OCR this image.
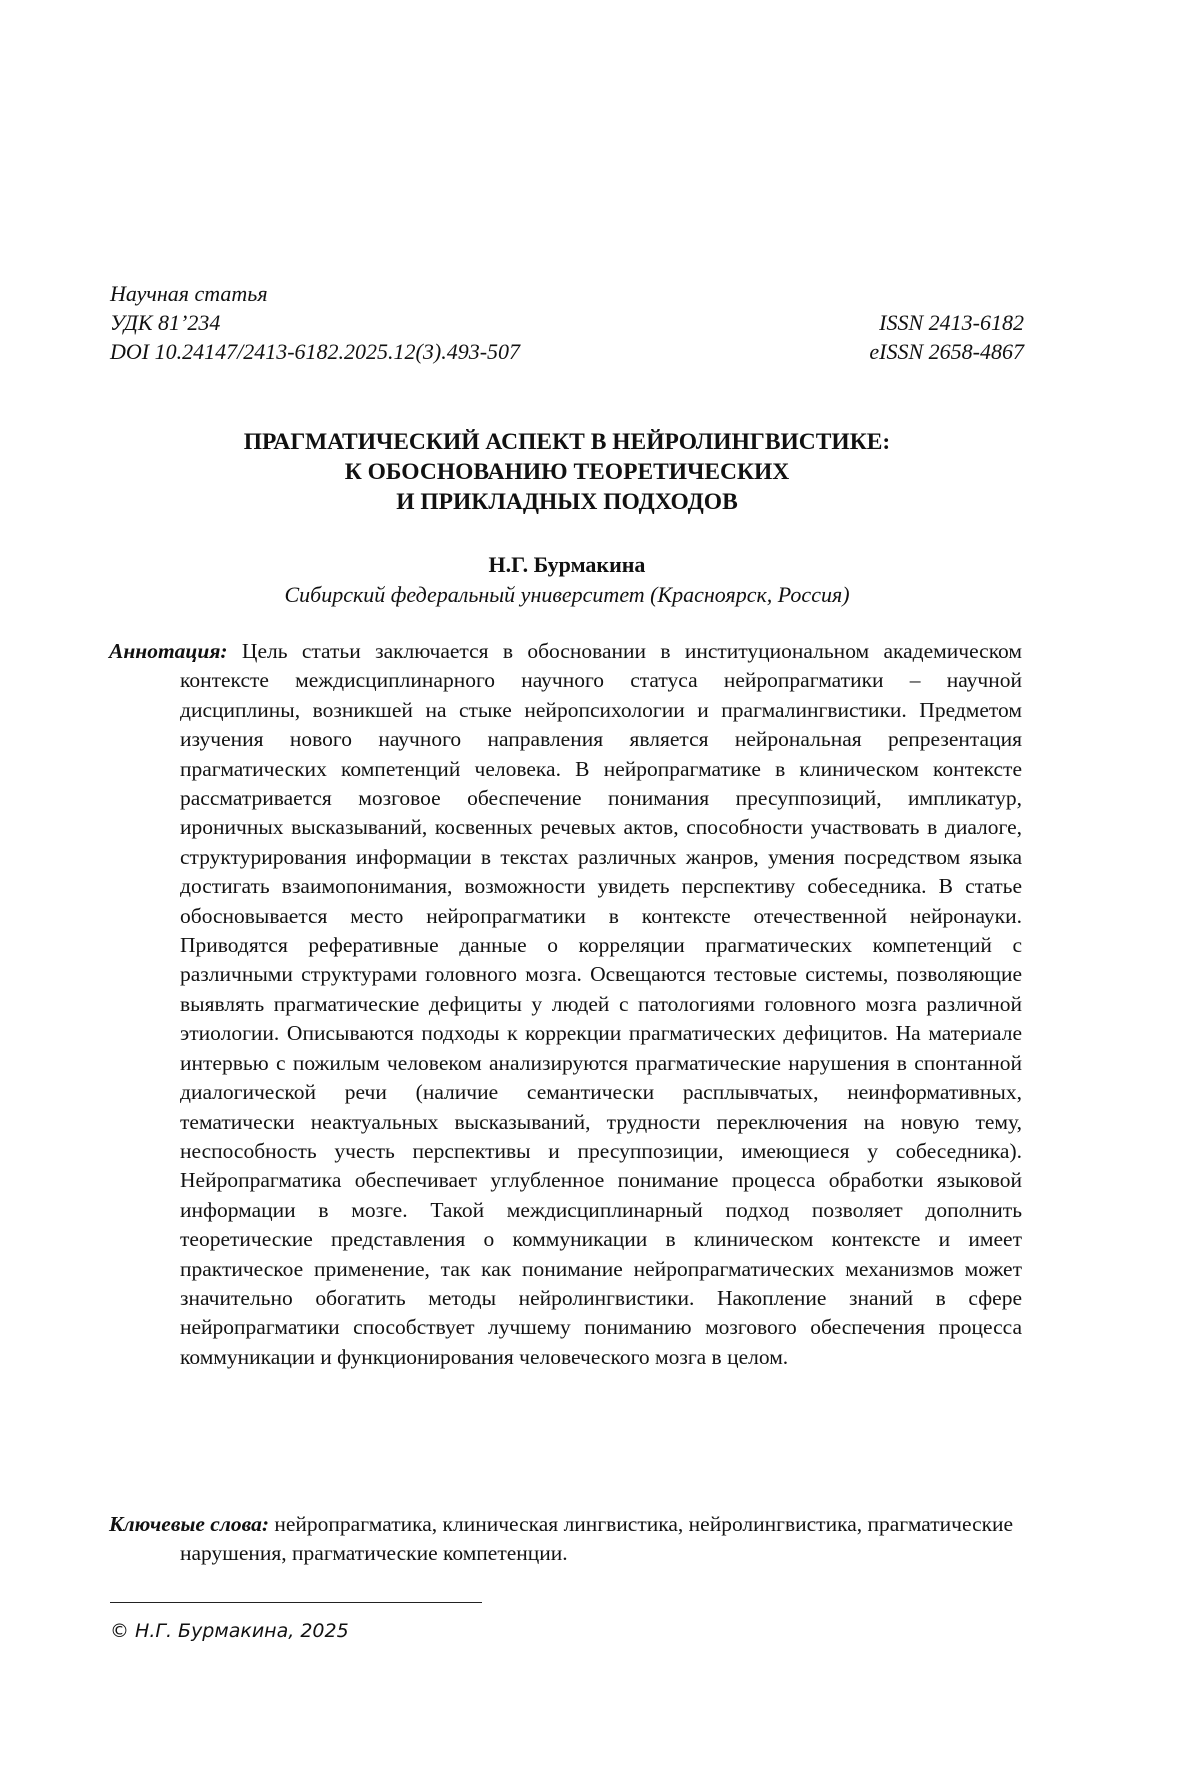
Научная статья
УДК 81’234	ISSN 2413-6182
DOI 10.24147/2413-6182.2025.12(3).493-507	eISSN 2658-4867
ПРАГМАТИЧЕСКИЙ АСПЕКТ В НЕЙРОЛИНГВИСТИКЕ:
К ОБОСНОВАНИЮ ТЕОРЕТИЧЕСКИХ
И ПРИКЛАДНЫХ ПОДХОДОВ
Н.Г. Бурмакина
Сибирский федеральный университет (Красноярск, Россия)
Аннотация: Цель статьи заключается в обосновании в институциональном академическом контексте междисциплинарного научного статуса нейропрагматики – научной дисциплины, возникшей на стыке нейропсихологии и прагмалингвистики. Предметом изучения нового научного направления является нейрональная репрезентация прагматических компетенций человека. В нейропрагматике в клиническом контексте рассматривается мозговое обеспечение понимания пресуппозиций, импликатур, ироничных высказываний, косвенных речевых актов, способности участвовать в диалоге, структурирования информации в текстах различных жанров, умения посредством языка достигать взаимопонимания, возможности увидеть перспективу собеседника. В статье обосновывается место нейропрагматики в контексте отечественной нейронауки. Приводятся реферативные данные о корреляции прагматических компетенций с различными структурами головного мозга. Освещаются тестовые системы, позволяющие выявлять прагматические дефициты у людей с патологиями головного мозга различной этиологии. Описываются подходы к коррекции прагматических дефицитов. На материале интервью с пожилым человеком анализируются прагматические нарушения в спонтанной диалогической речи (наличие семантически расплывчатых, неинформативных, тематически неактуальных высказываний, трудности переключения на новую тему, неспособность учесть перспективы и пресуппозиции, имеющиеся у собеседника). Нейропрагматика обеспечивает углубленное понимание процесса обработки языковой информации в мозге. Такой междисциплинарный подход позволяет дополнить теоретические представления о коммуникации в клиническом контексте и имеет практическое применение, так как понимание нейропрагматических механизмов может значительно обогатить методы нейролингвистики. Накопление знаний в сфере нейропрагматики способствует лучшему пониманию мозгового обеспечения процесса коммуникации и функционирования человеческого мозга в целом.
Ключевые слова: нейропрагматика, клиническая лингвистика, нейролингвистика, прагматические нарушения, прагматические компетенции.
© Н.Г. Бурмакина, 2025
